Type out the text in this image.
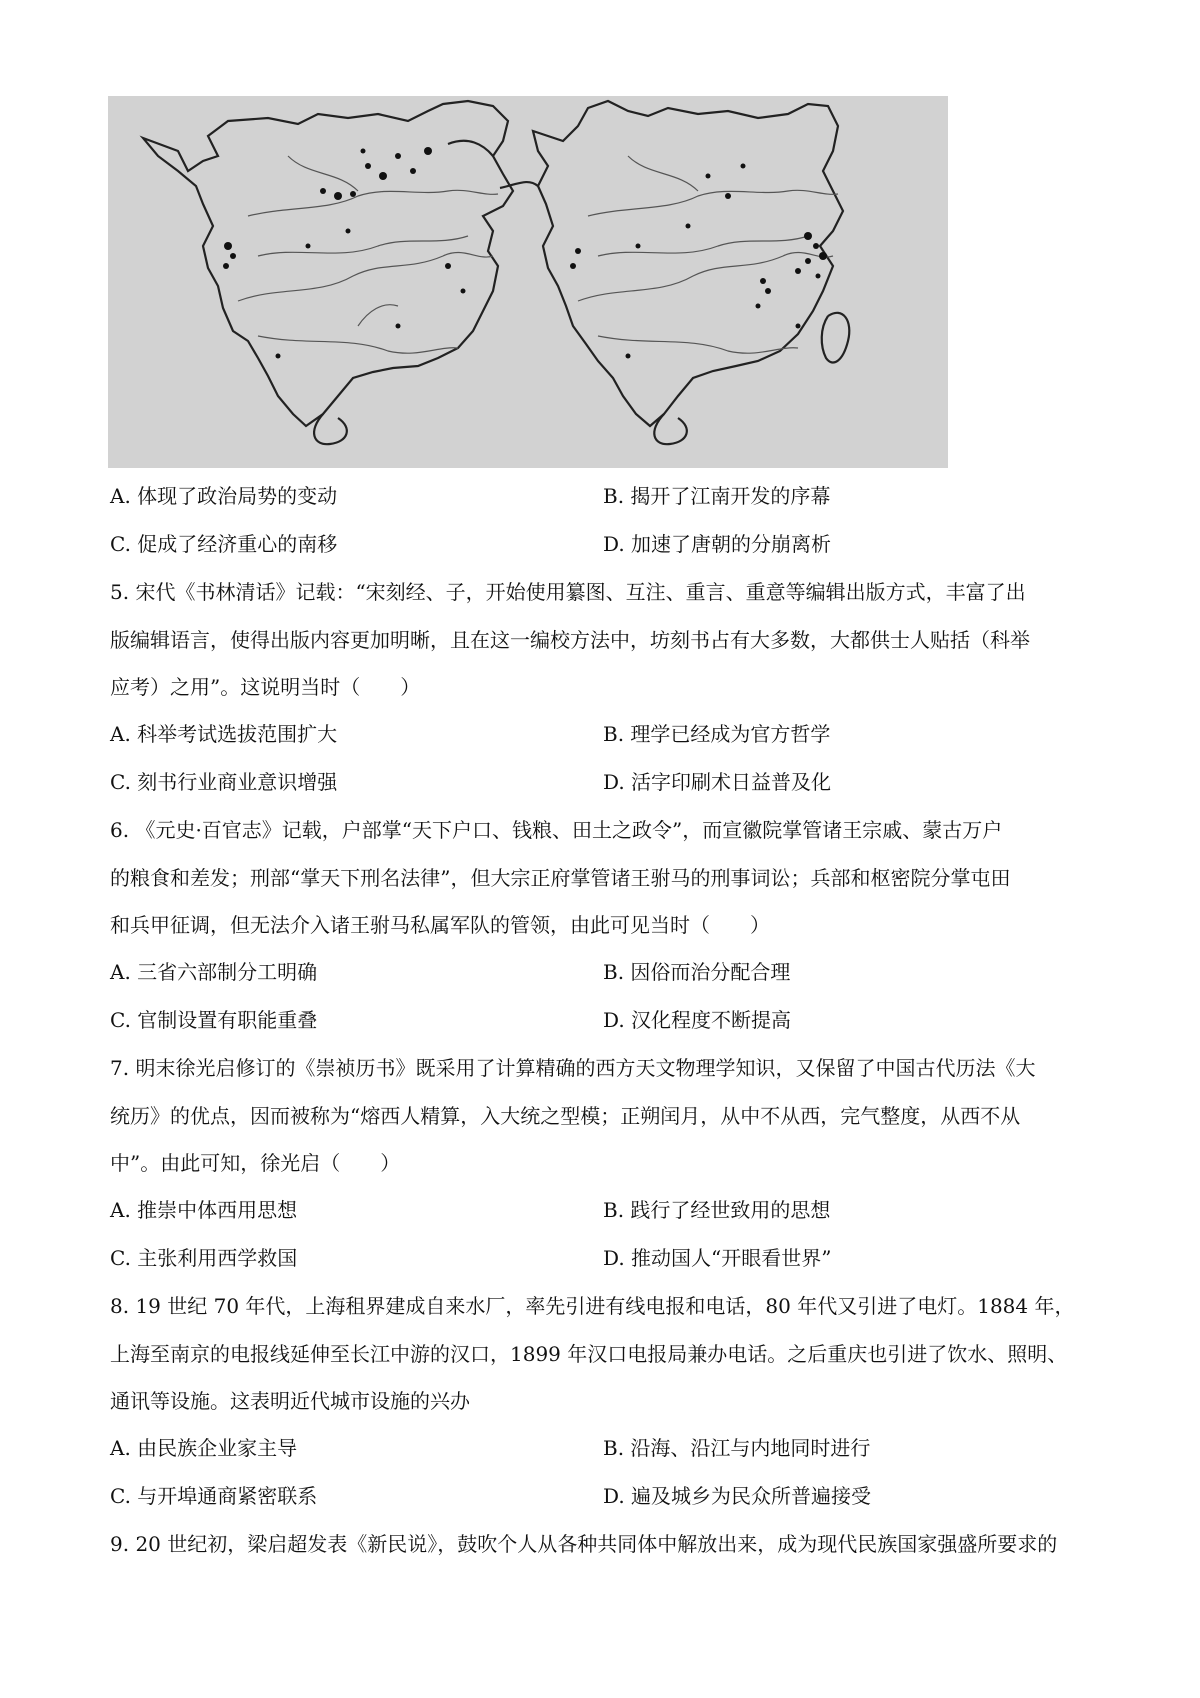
A. 体现了政治局势的变动	B. 揭开了江南开发的序幕
C. 促成了经济重心的南移	D. 加速了唐朝的分崩离析
5. 宋代《书林清话》记载：“宋刻经、子，开始使用纂图、互注、重言、重意等编辑出版方式，丰富了出
版编辑语言，使得出版内容更加明晰，且在这一编校方法中，坊刻书占有大多数，大都供士人贴括（科举
应考）之用”。这说明当时（　　）
A. 科举考试选拔范围扩大	B. 理学已经成为官方哲学
C. 刻书行业商业意识增强	D. 活字印刷术日益普及化
6. 《元史·百官志》记载，户部掌“天下户口、钱粮、田土之政令”，而宣徽院掌管诸王宗戚、蒙古万户
的粮食和差发；刑部“掌天下刑名法律”，但大宗正府掌管诸王驸马的刑事词讼；兵部和枢密院分掌屯田
和兵甲征调，但无法介入诸王驸马私属军队的管领，由此可见当时（　　）
A. 三省六部制分工明确	B. 因俗而治分配合理
C. 官制设置有职能重叠	D. 汉化程度不断提高
7. 明末徐光启修订的《崇祯历书》既采用了计算精确的西方天文物理学知识，又保留了中国古代历法《大
统历》的优点，因而被称为“熔西人精算，入大统之型模；正朔闰月，从中不从西，完气整度，从西不从
中”。由此可知，徐光启（　　）
A. 推崇中体西用思想	B. 践行了经世致用的思想
C. 主张利用西学救国	D. 推动国人“开眼看世界”
8. 19 世纪 70 年代，上海租界建成自来水厂，率先引进有线电报和电话，80 年代又引进了电灯。1884 年，
上海至南京的电报线延伸至长江中游的汉口，1899 年汉口电报局兼办电话。之后重庆也引进了饮水、照明、
通讯等设施。这表明近代城市设施的兴办
A. 由民族企业家主导	B. 沿海、沿江与内地同时进行
C. 与开埠通商紧密联系	D. 遍及城乡为民众所普遍接受
9. 20 世纪初，梁启超发表《新民说》，鼓吹个人从各种共同体中解放出来，成为现代民族国家强盛所要求的
